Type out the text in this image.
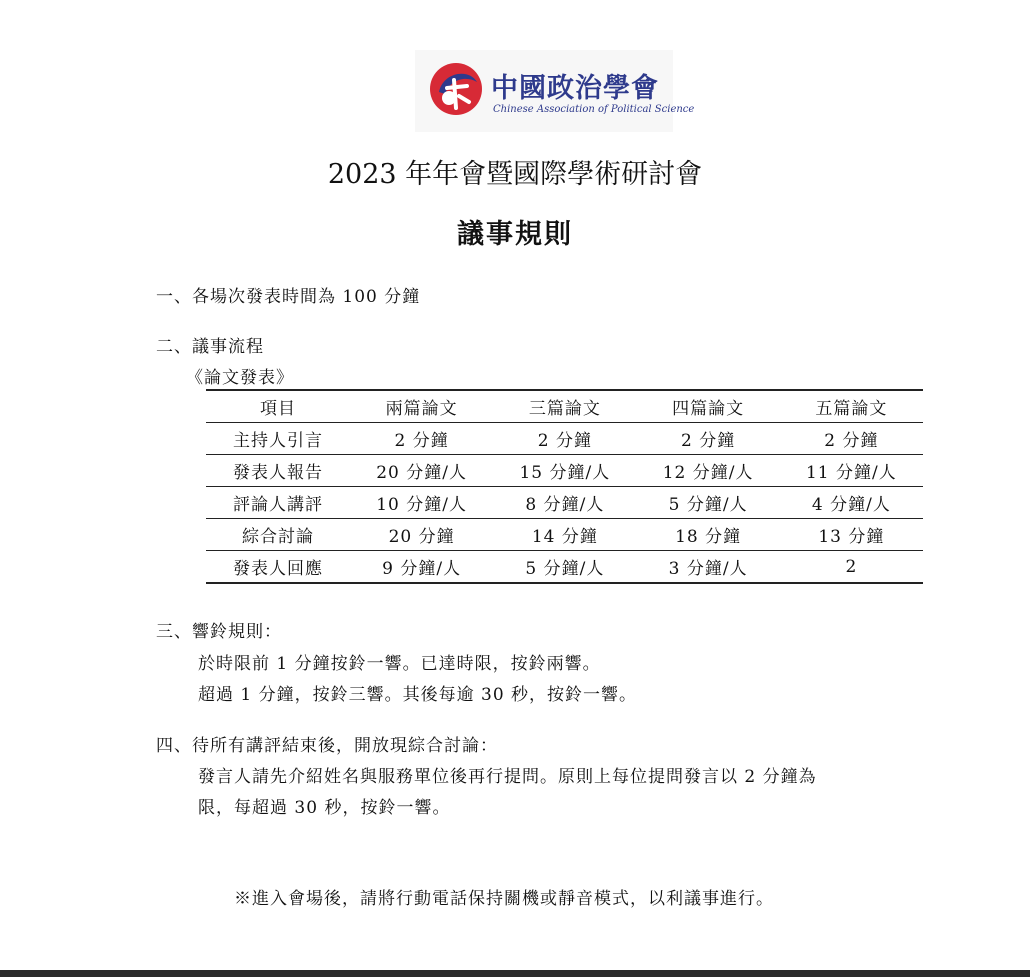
中國政治學會
Chinese Association of Political Science
2023 年年會暨國際學術研討會
議事規則
一、各場次發表時間為 100 分鐘
二、議事流程
《論文發表》
項目	兩篇論文	三篇論文	四篇論文	五篇論文
主持人引言	2 分鐘	2 分鐘	2 分鐘	2 分鐘
發表人報告	20 分鐘/人	15 分鐘/人	12 分鐘/人	11 分鐘/人
評論人講評	10 分鐘/人	8 分鐘/人	5 分鐘/人	4 分鐘/人
綜合討論	20 分鐘	14 分鐘	18 分鐘	13 分鐘
發表人回應	9 分鐘/人	5 分鐘/人	3 分鐘/人	2
三、響鈴規則：
於時限前 1 分鐘按鈴一響。已達時限，按鈴兩響。
超過 1 分鐘，按鈴三響。其後每逾 30 秒，按鈴一響。
四、待所有講評結束後，開放現綜合討論：
發言人請先介紹姓名與服務單位後再行提問。原則上每位提問發言以 2 分鐘為
限，每超過 30 秒，按鈴一響。
※進入會場後，請將行動電話保持關機或靜音模式，以利議事進行。
